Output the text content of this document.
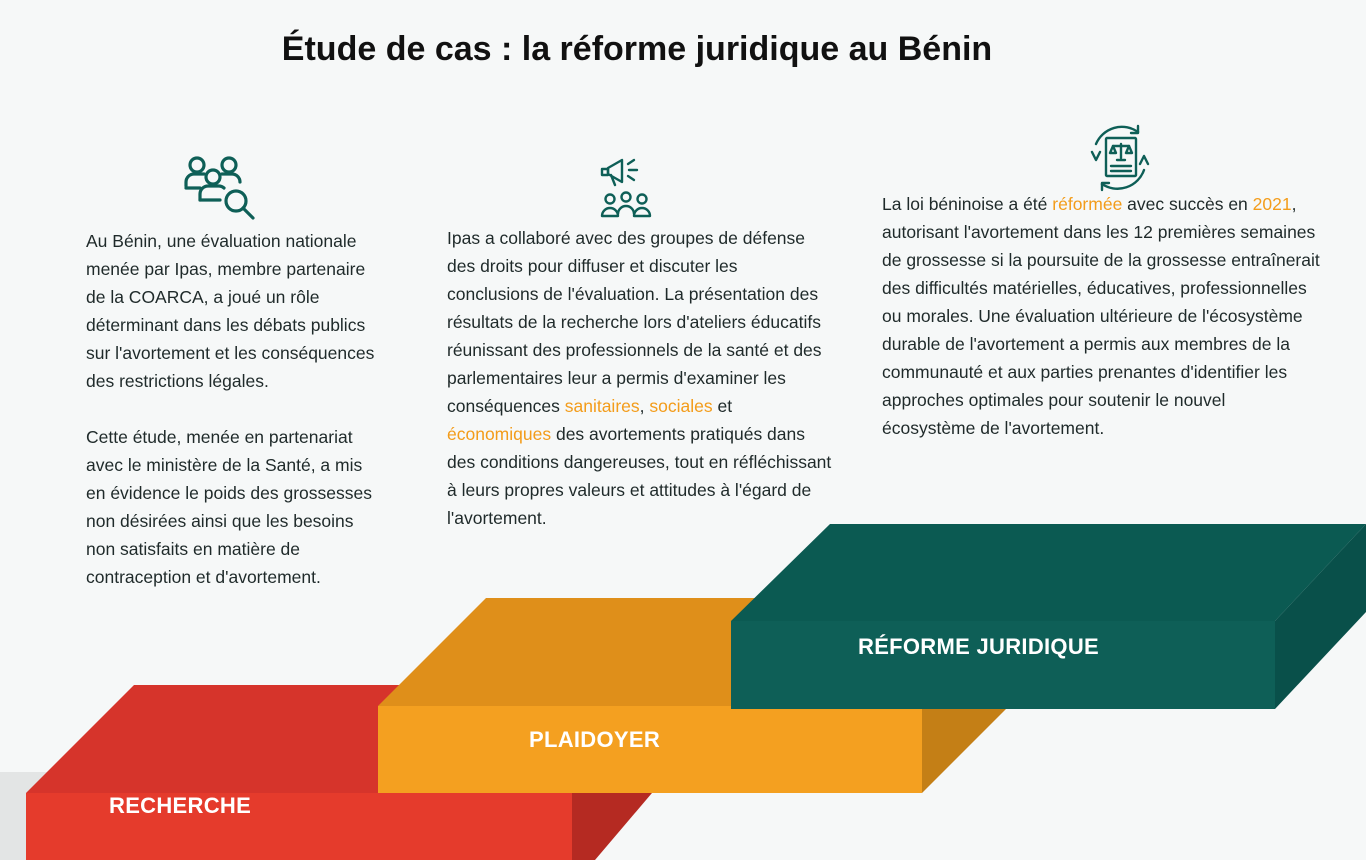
Étude de cas : la réforme juridique au Bénin

Au Bénin, une évaluation nationale menée par Ipas, membre partenaire de la COARCA, a joué un rôle déterminant dans les débats publics sur l'avortement et les conséquences des restrictions légales.

Cette étude, menée en partenariat avec le ministère de la Santé, a mis en évidence le poids des grossesses non désirées ainsi que les besoins non satisfaits en matière de contraception et d'avortement.

Ipas a collaboré avec des groupes de défense des droits pour diffuser et discuter les conclusions de l'évaluation. La présentation des résultats de la recherche lors d'ateliers éducatifs réunissant des professionnels de la santé et des parlementaires leur a permis d'examiner les conséquences sanitaires, sociales et économiques des avortements pratiqués dans des conditions dangereuses, tout en réfléchissant à leurs propres valeurs et attitudes à l'égard de l'avortement.

La loi béninoise a été réformée avec succès en 2021, autorisant l'avortement dans les 12 premières semaines de grossesse si la poursuite de la grossesse entraînerait des difficultés matérielles, éducatives, professionnelles ou morales. Une évaluation ultérieure de l'écosystème durable de l'avortement a permis aux membres de la communauté et aux parties prenantes d'identifier les approches optimales pour soutenir le nouvel écosystème de l'avortement.

RECHERCHE
PLAIDOYER
RÉFORME JURIDIQUE
